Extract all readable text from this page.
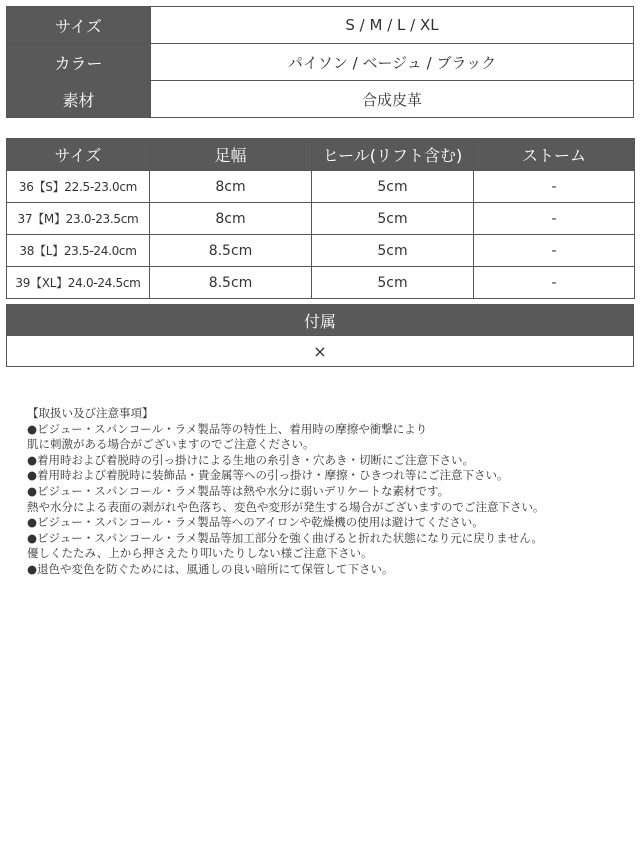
サイズ	S / M / L / XL
カラー	パイソン / ベージュ / ブラック
素材	合成皮革
サイズ	足幅	ヒール(リフト含む)	ストーム
36【S】22.5-23.0cm	8cm	5cm	-
37【M】23.0-23.5cm	8cm	5cm	-
38【L】23.5-24.0cm	8.5cm	5cm	-
39【XL】24.0-24.5cm	8.5cm	5cm	-
付属
×
【取扱い及び注意事項】
●ビジュー・スパンコール・ラメ製品等の特性上、着用時の摩擦や衝撃により
肌に刺激がある場合がございますのでご注意ください。
●着用時および着脱時の引っ掛けによる生地の糸引き・穴あき・切断にご注意下さい。
●着用時および着脱時に装飾品・貴金属等への引っ掛け・摩擦・ひきつれ等にご注意下さい。
●ビジュー・スパンコール・ラメ製品等は熱や水分に弱いデリケートな素材です。
熱や水分による表面の剥がれや色落ち、変色や変形が発生する場合がございますのでご注意下さい。
●ビジュー・スパンコール・ラメ製品等へのアイロンや乾燥機の使用は避けてください。
●ビジュー・スパンコール・ラメ製品等加工部分を強く曲げると折れた状態になり元に戻りません。
優しくたたみ、上から押さえたり叩いたりしない様ご注意下さい。
●退色や変色を防ぐためには、風通しの良い暗所にて保管して下さい。
